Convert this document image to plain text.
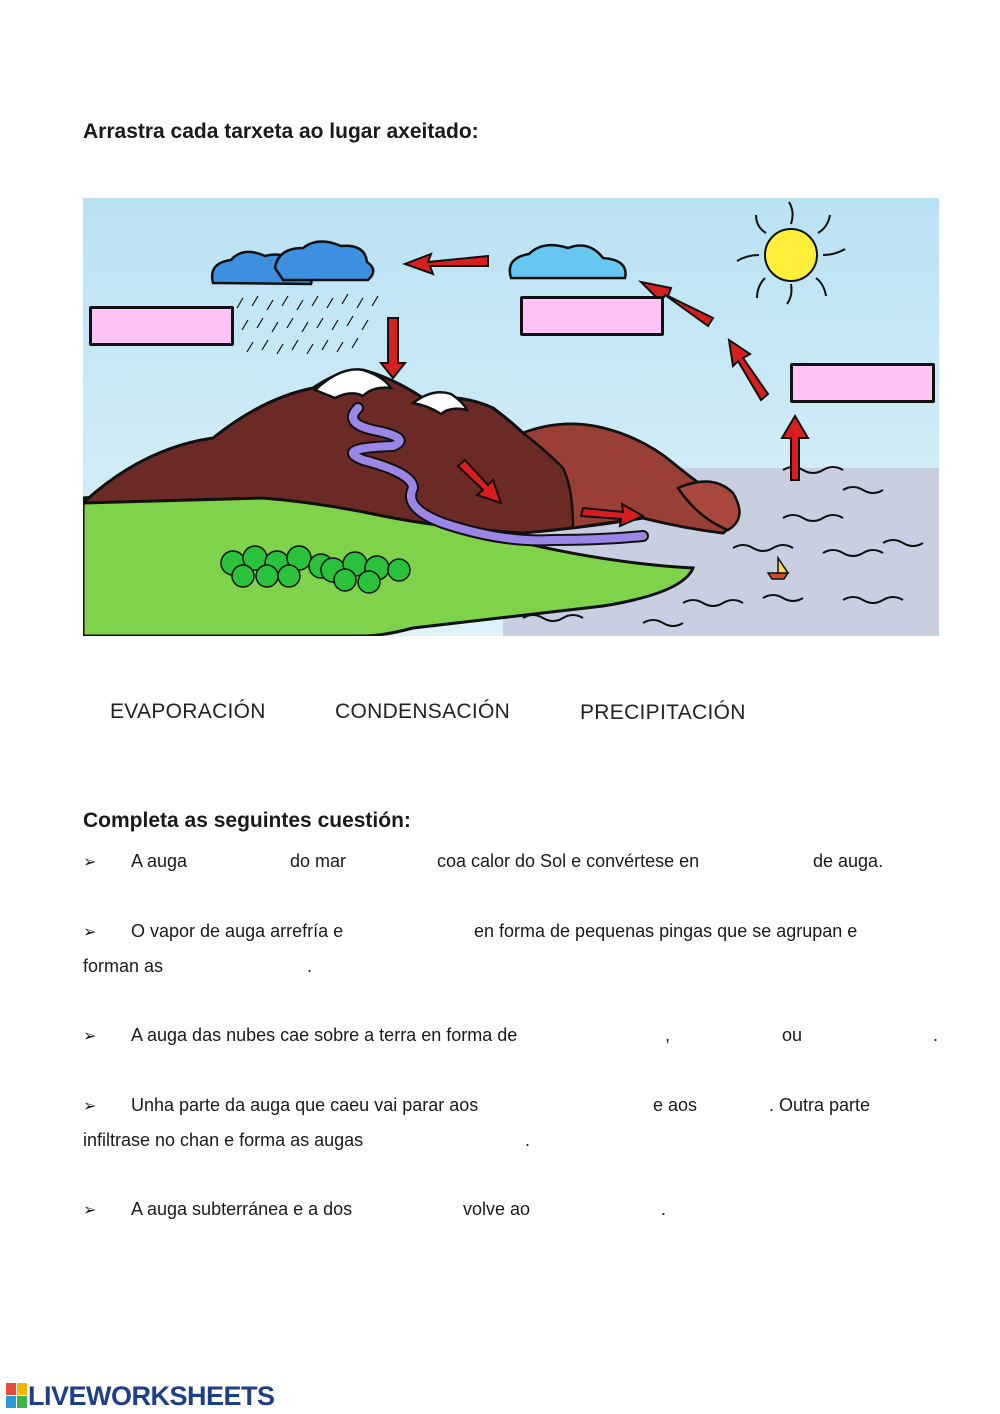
Arrastra cada tarxeta ao lugar axeitado:
EVAPORACIÓN	CONDENSACIÓN	PRECIPITACIÓN
Completa as seguintes cuestión:
➢ A auga	do mar	coa calor do Sol e convértese en	de auga.
➢ O vapor de auga arrefría e	en forma de pequenas pingas que se agrupan e
forman as	.
➢ A auga das nubes cae sobre a terra en forma de	,	ou	.
➢ Unha parte da auga que caeu vai parar aos	e aos	. Outra parte
infiltrase no chan e forma as augas	.
➢ A auga subterránea e a dos	volve ao	.
LIVEWORKSHEETS
